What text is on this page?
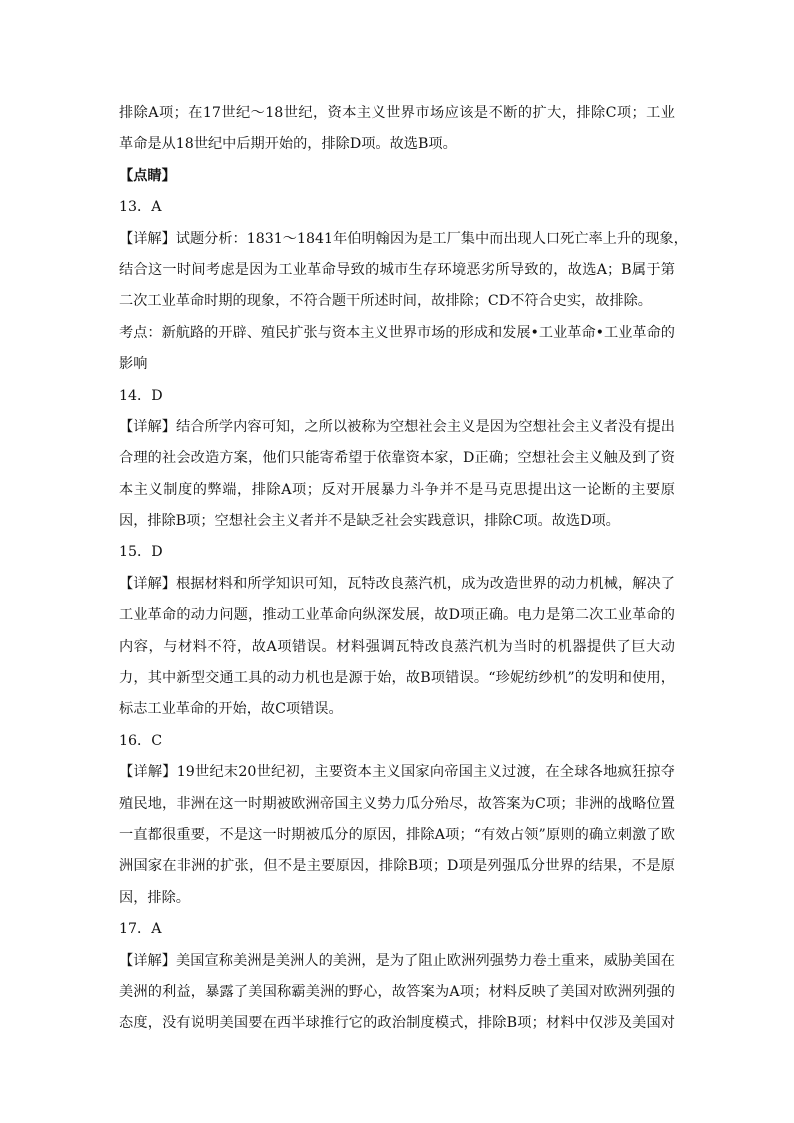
排除A项；在17世纪～18世纪，资本主义世界市场应该是不断的扩大，排除C项；工业
革命是从18世纪中后期开始的，排除D项。故选B项。
【点睛】
13．A
【详解】试题分析：1831～1841年伯明翰因为是工厂集中而出现人口死亡率上升的现象，
结合这一时间考虑是因为工业革命导致的城市生存环境恶劣所导致的，故选A；B属于第
二次工业革命时期的现象，不符合题干所述时间，故排除；CD不符合史实，故排除。
考点：新航路的开辟、殖民扩张与资本主义世界市场的形成和发展•工业革命•工业革命的
影响
14．D
【详解】结合所学内容可知，之所以被称为空想社会主义是因为空想社会主义者没有提出
合理的社会改造方案，他们只能寄希望于依靠资本家，D正确；空想社会主义触及到了资
本主义制度的弊端，排除A项；反对开展暴力斗争并不是马克思提出这一论断的主要原
因，排除B项；空想社会主义者并不是缺乏社会实践意识，排除C项。故选D项。
15．D
【详解】根据材料和所学知识可知，瓦特改良蒸汽机，成为改造世界的动力机械，解决了
工业革命的动力问题，推动工业革命向纵深发展，故D项正确。电力是第二次工业革命的
内容，与材料不符，故A项错误。材料强调瓦特改良蒸汽机为当时的机器提供了巨大动
力，其中新型交通工具的动力机也是源于始，故B项错误。“珍妮纺纱机”的发明和使用，
标志工业革命的开始，故C项错误。
16．C
【详解】19世纪末20世纪初，主要资本主义国家向帝国主义过渡，在全球各地疯狂掠夺
殖民地，非洲在这一时期被欧洲帝国主义势力瓜分殆尽，故答案为C项；非洲的战略位置
一直都很重要，不是这一时期被瓜分的原因，排除A项；“有效占领”原则的确立刺激了欧
洲国家在非洲的扩张，但不是主要原因，排除B项；D项是列强瓜分世界的结果，不是原
因，排除。
17．A
【详解】美国宣称美洲是美洲人的美洲，是为了阻止欧洲列强势力卷土重来，威胁美国在
美洲的利益，暴露了美国称霸美洲的野心，故答案为A项；材料反映了美国对欧洲列强的
态度，没有说明美国要在西半球推行它的政治制度模式，排除B项；材料中仅涉及美国对
